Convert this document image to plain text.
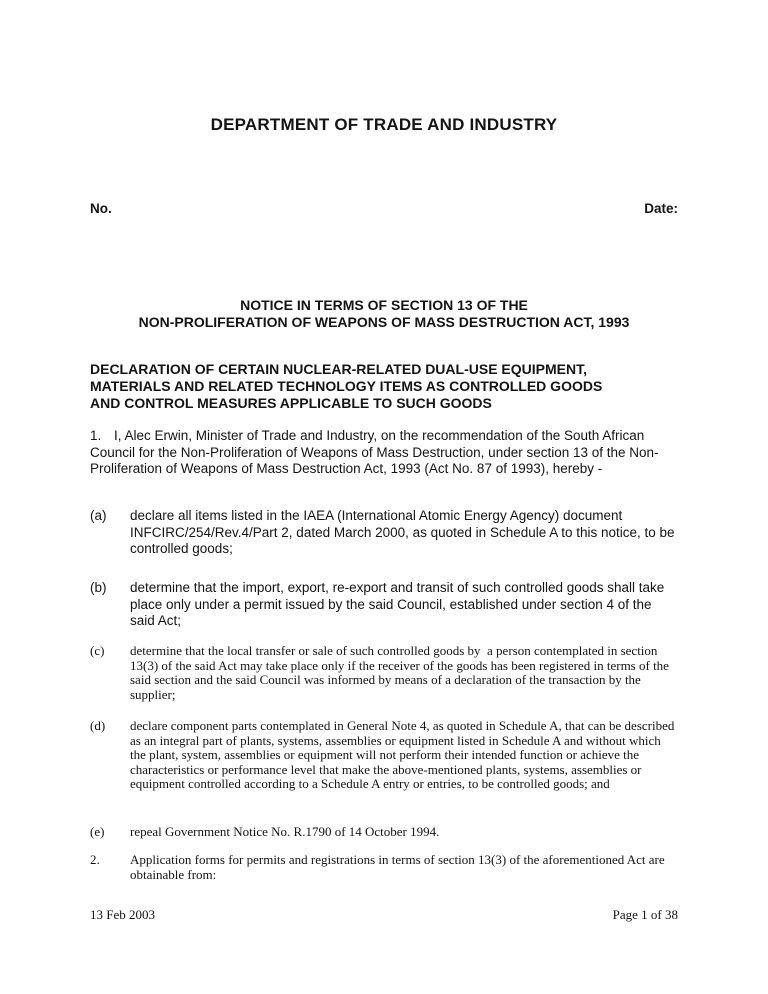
DEPARTMENT OF TRADE AND INDUSTRY
No.	Date:
NOTICE IN TERMS OF SECTION 13 OF THE
NON-PROLIFERATION OF WEAPONS OF MASS DESTRUCTION ACT, 1993
DECLARATION OF CERTAIN NUCLEAR-RELATED DUAL-USE EQUIPMENT,
MATERIALS AND RELATED TECHNOLOGY ITEMS AS CONTROLLED GOODS
AND CONTROL MEASURES APPLICABLE TO SUCH GOODS
1. I, Alec Erwin, Minister of Trade and Industry, on the recommendation of the South African Council for the Non-Proliferation of Weapons of Mass Destruction, under section 13 of the Non-Proliferation of Weapons of Mass Destruction Act, 1993 (Act No. 87 of 1993), hereby -
(a) declare all items listed in the IAEA (International Atomic Energy Agency) document INFCIRC/254/Rev.4/Part 2, dated March 2000, as quoted in Schedule A to this notice, to be controlled goods;
(b) determine that the import, export, re-export and transit of such controlled goods shall take place only under a permit issued by the said Council, established under section 4 of the said Act;
(c) determine that the local transfer or sale of such controlled goods by  a person contemplated in section 13(3) of the said Act may take place only if the receiver of the goods has been registered in terms of the said section and the said Council was informed by means of a declaration of the transaction by the supplier;
(d) declare component parts contemplated in General Note 4, as quoted in Schedule A, that can be described as an integral part of plants, systems, assemblies or equipment listed in Schedule A and without which the plant, system, assemblies or equipment will not perform their intended function or achieve the characteristics or performance level that make the above-mentioned plants, systems, assemblies or equipment controlled according to a Schedule A entry or entries, to be controlled goods; and
(e) repeal Government Notice No. R.1790 of 14 October 1994.
2. Application forms for permits and registrations in terms of section 13(3) of the aforementioned Act are obtainable from:
13 Feb 2003	Page 1 of 38
